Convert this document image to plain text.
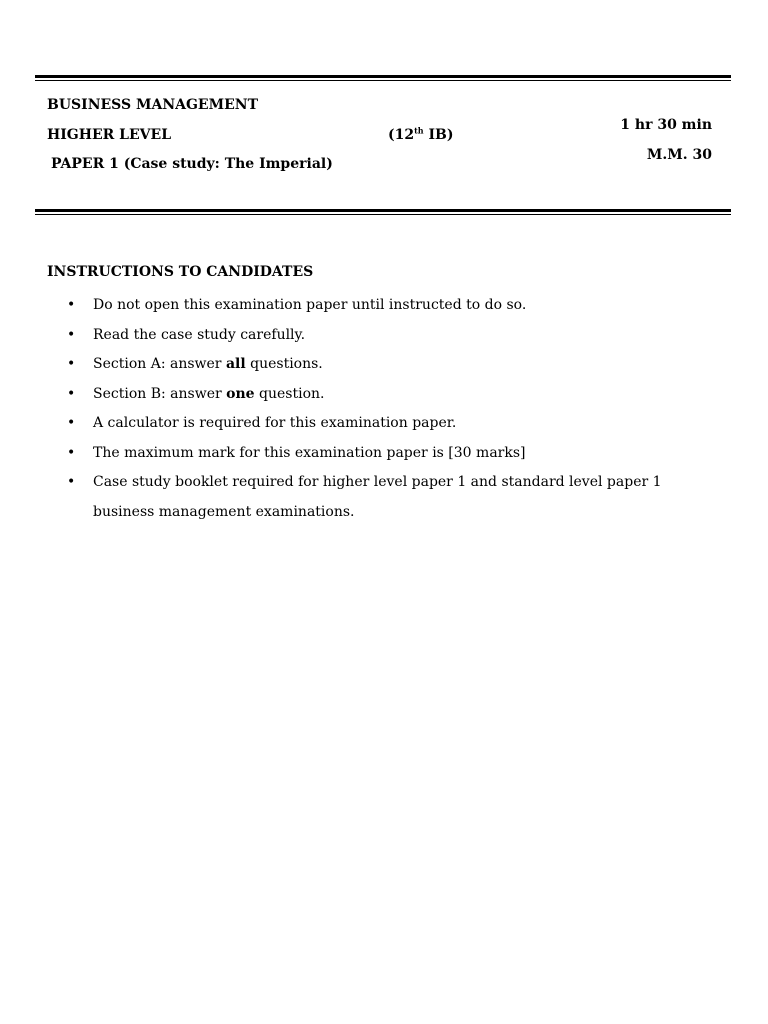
BUSINESS MANAGEMENT
HIGHER LEVEL
PAPER 1 (Case study: The Imperial)
(12th IB)
1 hr 30 min
M.M. 30
INSTRUCTIONS TO CANDIDATES
• Do not open this examination paper until instructed to do so.
• Read the case study carefully.
• Section A: answer all questions.
• Section B: answer one question.
• A calculator is required for this examination paper.
• The maximum mark for this examination paper is [30 marks]
• Case study booklet required for higher level paper 1 and standard level paper 1 business management examinations.
